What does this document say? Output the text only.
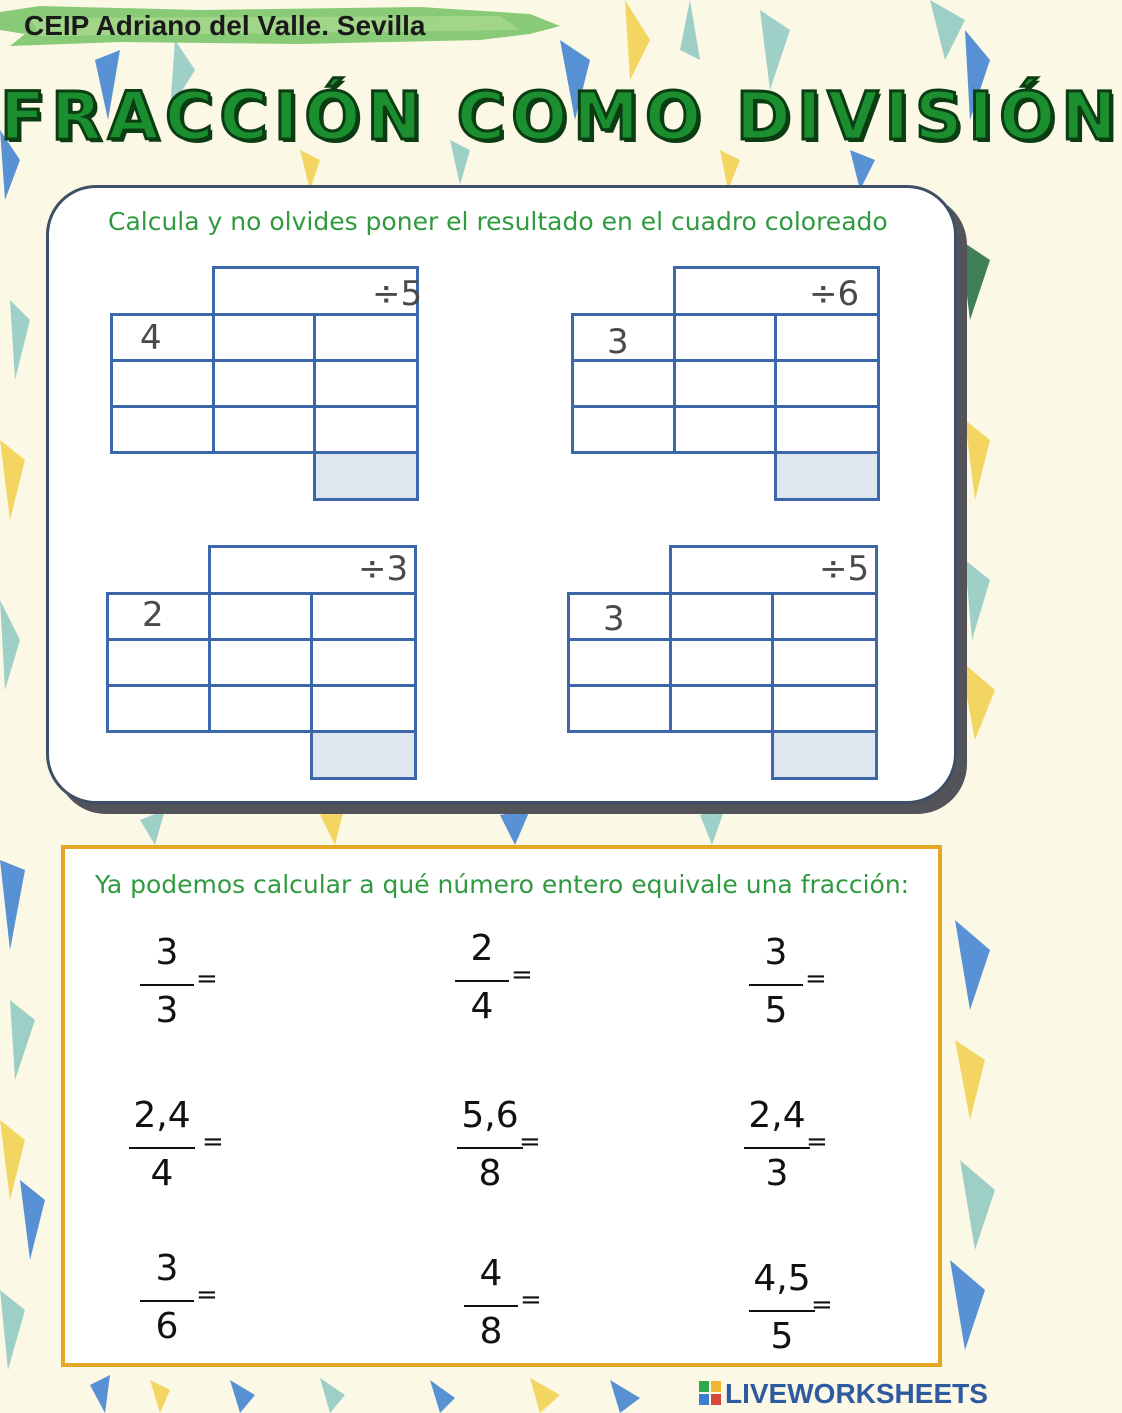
CEIP Adriano del Valle. Sevilla
FRACCIÓN COMO DIVISIÓN
Calcula y no olvides poner el resultado en el cuadro coloreado
÷5
4
÷6
3
÷3
2
÷5
3
Ya podemos calcular a qué número entero equivale una fracción:
3
3
=
2
4
=
3
5
=
2,4
4
=
5,6
8
=
2,4
3
=
3
6
=
4
8
=
4,5
5
=
LIVEWORKSHEETS
